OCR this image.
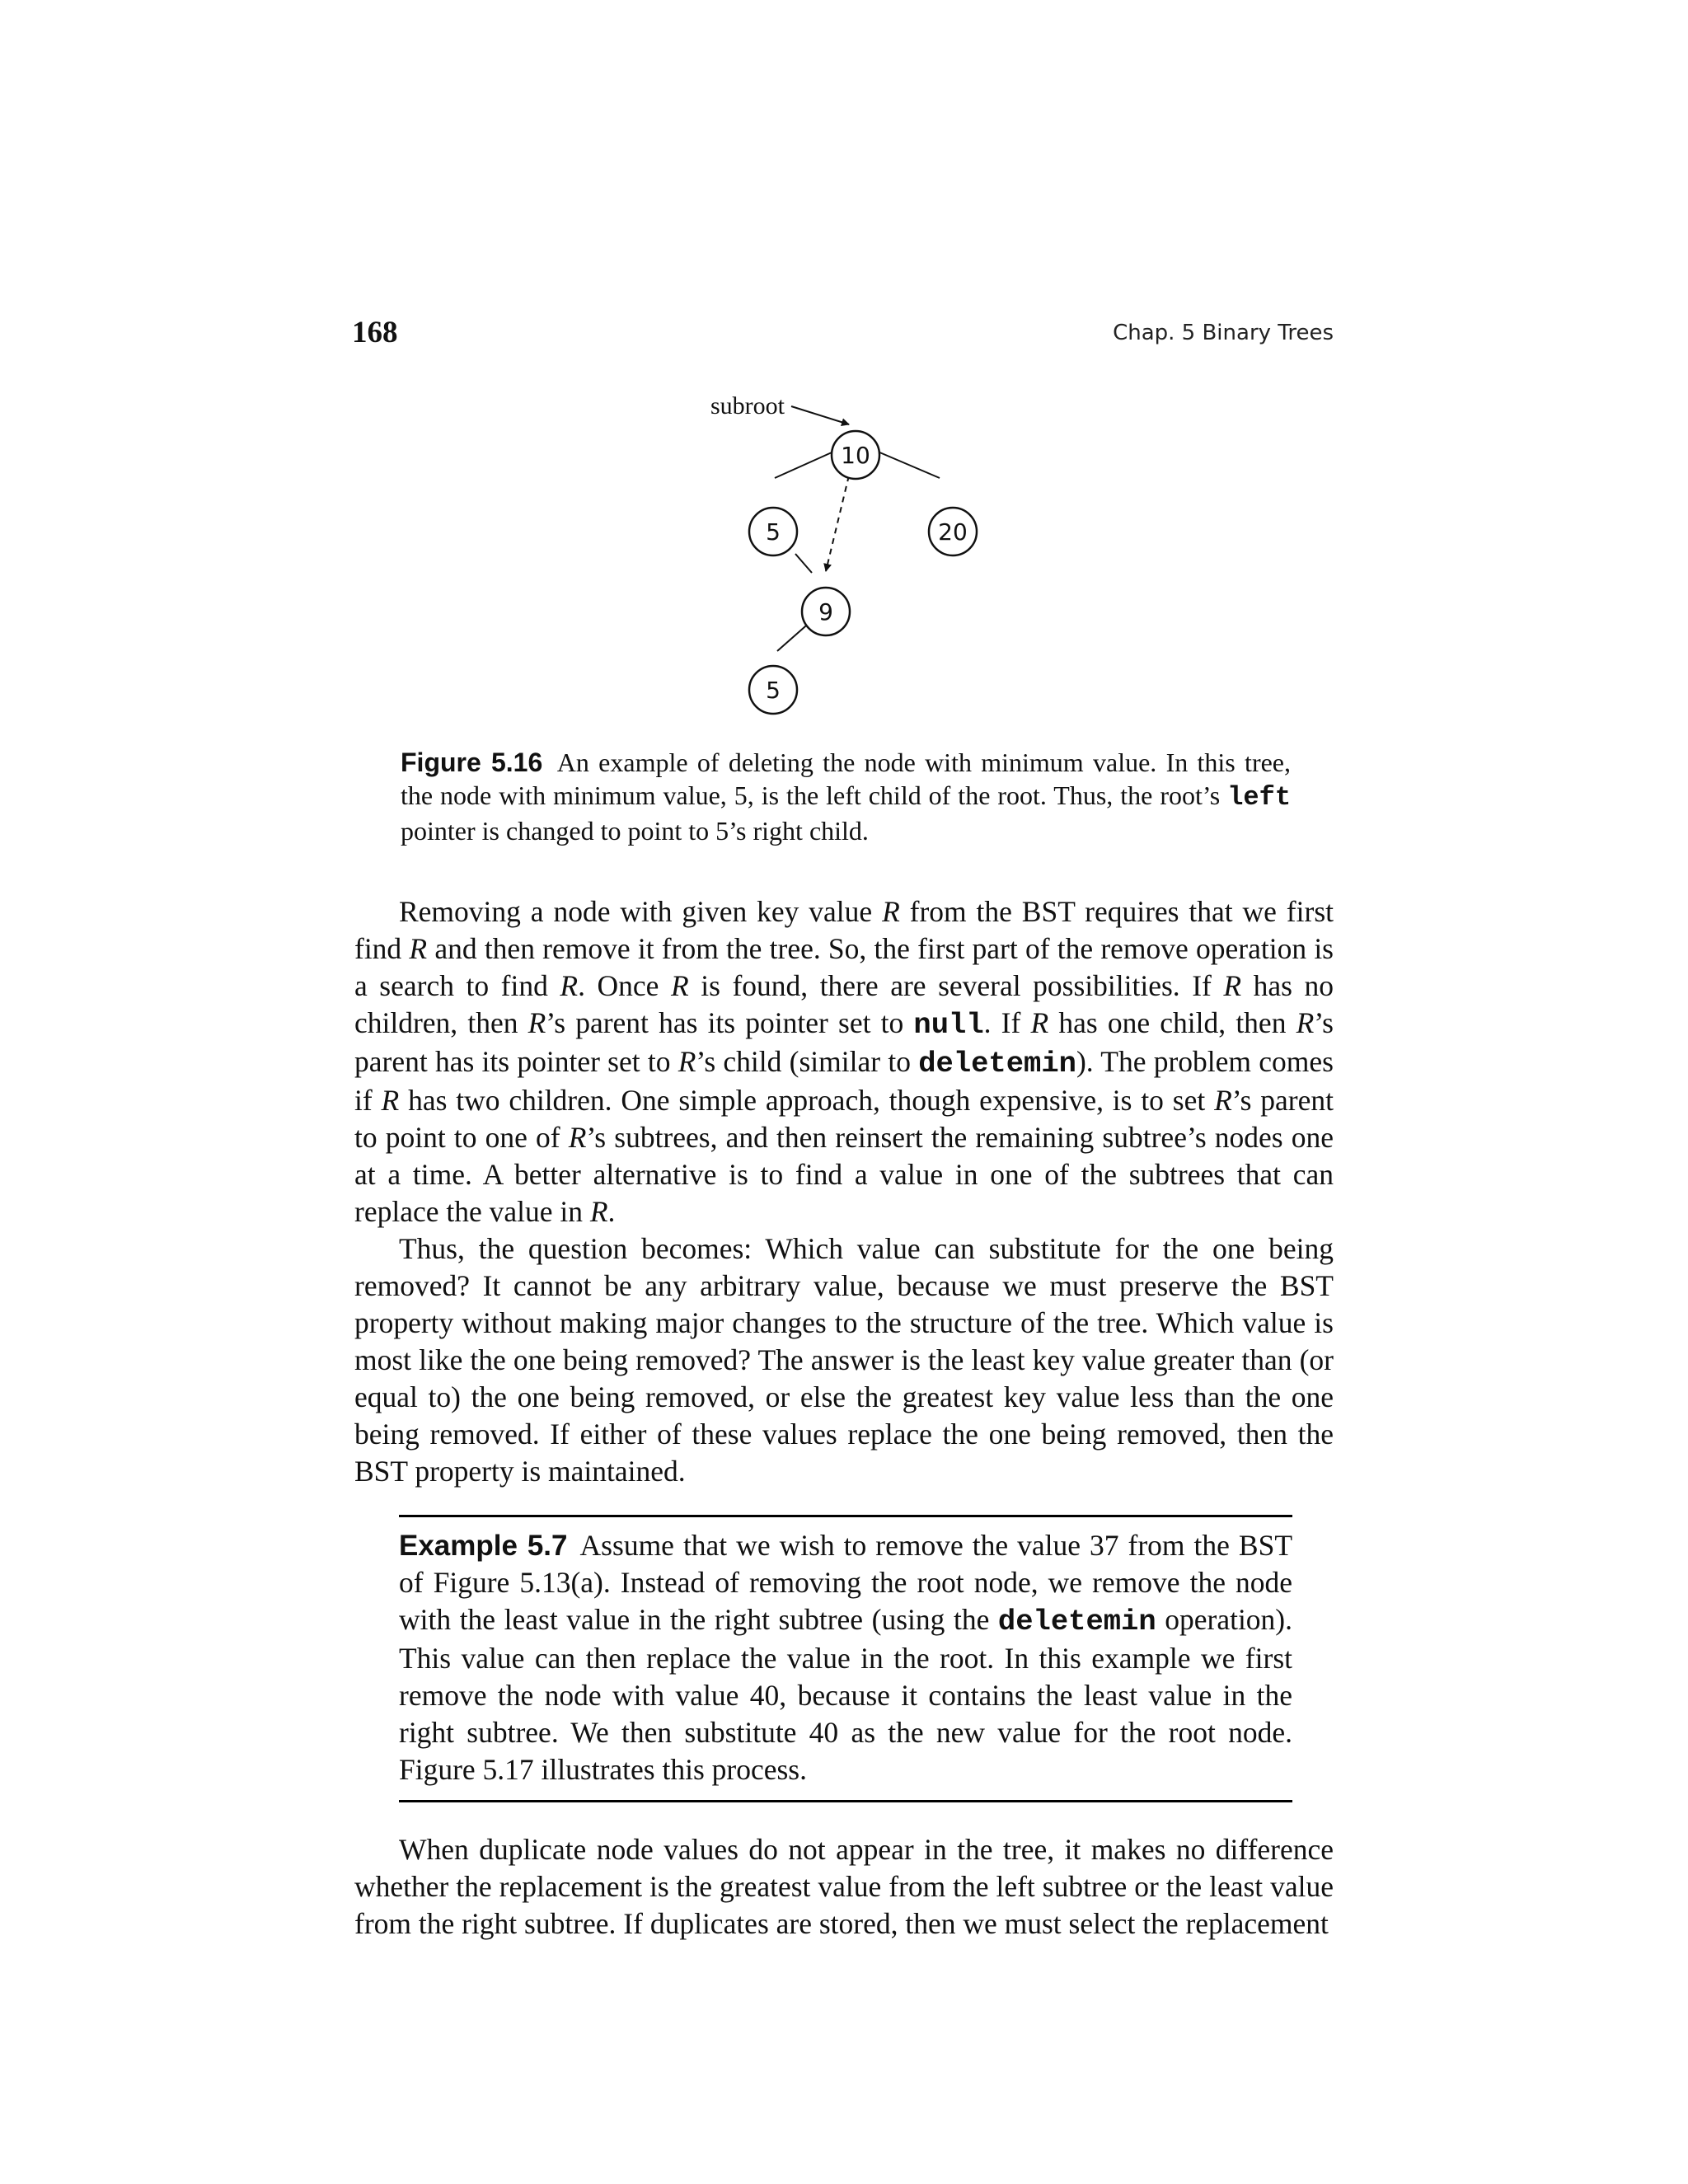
168	Chap. 5 Binary Trees
subroot
10
5	20
9
5
Figure 5.16 An example of deleting the node with minimum value. In this tree, the node with minimum value, 5, is the left child of the root. Thus, the root’s left pointer is changed to point to 5’s right child.

Removing a node with given key value R from the BST requires that we first find R and then remove it from the tree. So, the first part of the remove operation is a search to find R. Once R is found, there are several possibilities. If R has no children, then R’s parent has its pointer set to null. If R has one child, then R’s parent has its pointer set to R’s child (similar to deletemin). The problem comes if R has two children. One simple approach, though expensive, is to set R’s parent to point to one of R’s subtrees, and then reinsert the remaining subtree’s nodes one at a time. A better alternative is to find a value in one of the subtrees that can replace the value in R.

Thus, the question becomes: Which value can substitute for the one being removed? It cannot be any arbitrary value, because we must preserve the BST property without making major changes to the structure of the tree. Which value is most like the one being removed? The answer is the least key value greater than (or equal to) the one being removed, or else the greatest key value less than the one being removed. If either of these values replace the one being removed, then the BST property is maintained.

Example 5.7 Assume that we wish to remove the value 37 from the BST of Figure 5.13(a). Instead of removing the root node, we remove the node with the least value in the right subtree (using the deletemin operation). This value can then replace the value in the root. In this example we first remove the node with value 40, because it contains the least value in the right subtree. We then substitute 40 as the new value for the root node. Figure 5.17 illustrates this process.

When duplicate node values do not appear in the tree, it makes no difference whether the replacement is the greatest value from the left subtree or the least value from the right subtree. If duplicates are stored, then we must select the replacement
